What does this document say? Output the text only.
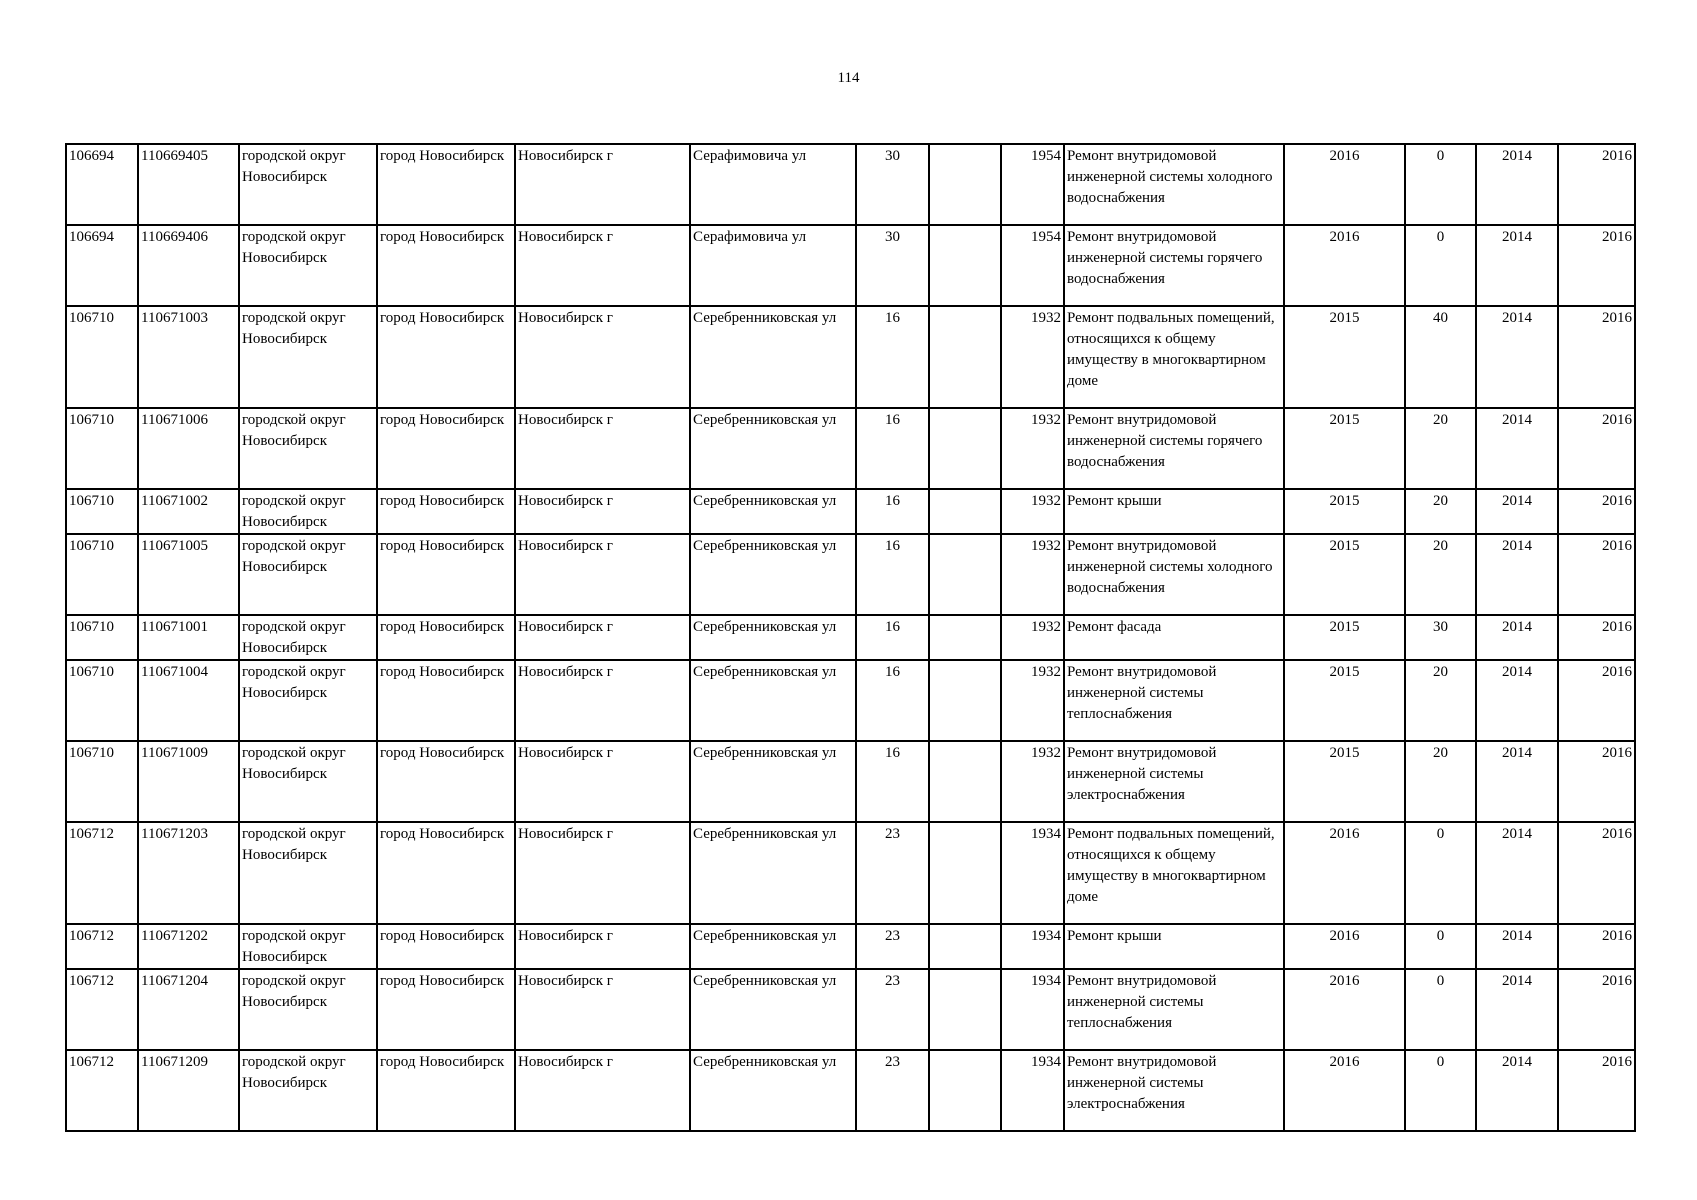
114
106694	110669405	городской округ Новосибирск	город Новосибирск	Новосибирск г	Серафимовича ул	30		1954	Ремонт внутридомовой инженерной системы холодного водоснабжения	2016	0	2014	2016
106694	110669406	городской округ Новосибирск	город Новосибирск	Новосибирск г	Серафимовича ул	30		1954	Ремонт внутридомовой инженерной системы горячего водоснабжения	2016	0	2014	2016
106710	110671003	городской округ Новосибирск	город Новосибирск	Новосибирск г	Серебренниковская ул	16		1932	Ремонт подвальных помещений, относящихся к общему имуществу в многоквартирном доме	2015	40	2014	2016
106710	110671006	городской округ Новосибирск	город Новосибирск	Новосибирск г	Серебренниковская ул	16		1932	Ремонт внутридомовой инженерной системы горячего водоснабжения	2015	20	2014	2016
106710	110671002	городской округ Новосибирск	город Новосибирск	Новосибирск г	Серебренниковская ул	16		1932	Ремонт крыши	2015	20	2014	2016
106710	110671005	городской округ Новосибирск	город Новосибирск	Новосибирск г	Серебренниковская ул	16		1932	Ремонт внутридомовой инженерной системы холодного водоснабжения	2015	20	2014	2016
106710	110671001	городской округ Новосибирск	город Новосибирск	Новосибирск г	Серебренниковская ул	16		1932	Ремонт фасада	2015	30	2014	2016
106710	110671004	городской округ Новосибирск	город Новосибирск	Новосибирск г	Серебренниковская ул	16		1932	Ремонт внутридомовой инженерной системы теплоснабжения	2015	20	2014	2016
106710	110671009	городской округ Новосибирск	город Новосибирск	Новосибирск г	Серебренниковская ул	16		1932	Ремонт внутридомовой инженерной системы электроснабжения	2015	20	2014	2016
106712	110671203	городской округ Новосибирск	город Новосибирск	Новосибирск г	Серебренниковская ул	23		1934	Ремонт подвальных помещений, относящихся к общему имуществу в многоквартирном доме	2016	0	2014	2016
106712	110671202	городской округ Новосибирск	город Новосибирск	Новосибирск г	Серебренниковская ул	23		1934	Ремонт крыши	2016	0	2014	2016
106712	110671204	городской округ Новосибирск	город Новосибирск	Новосибирск г	Серебренниковская ул	23		1934	Ремонт внутридомовой инженерной системы теплоснабжения	2016	0	2014	2016
106712	110671209	городской округ Новосибирск	город Новосибирск	Новосибирск г	Серебренниковская ул	23		1934	Ремонт внутридомовой инженерной системы электроснабжения	2016	0	2014	2016
